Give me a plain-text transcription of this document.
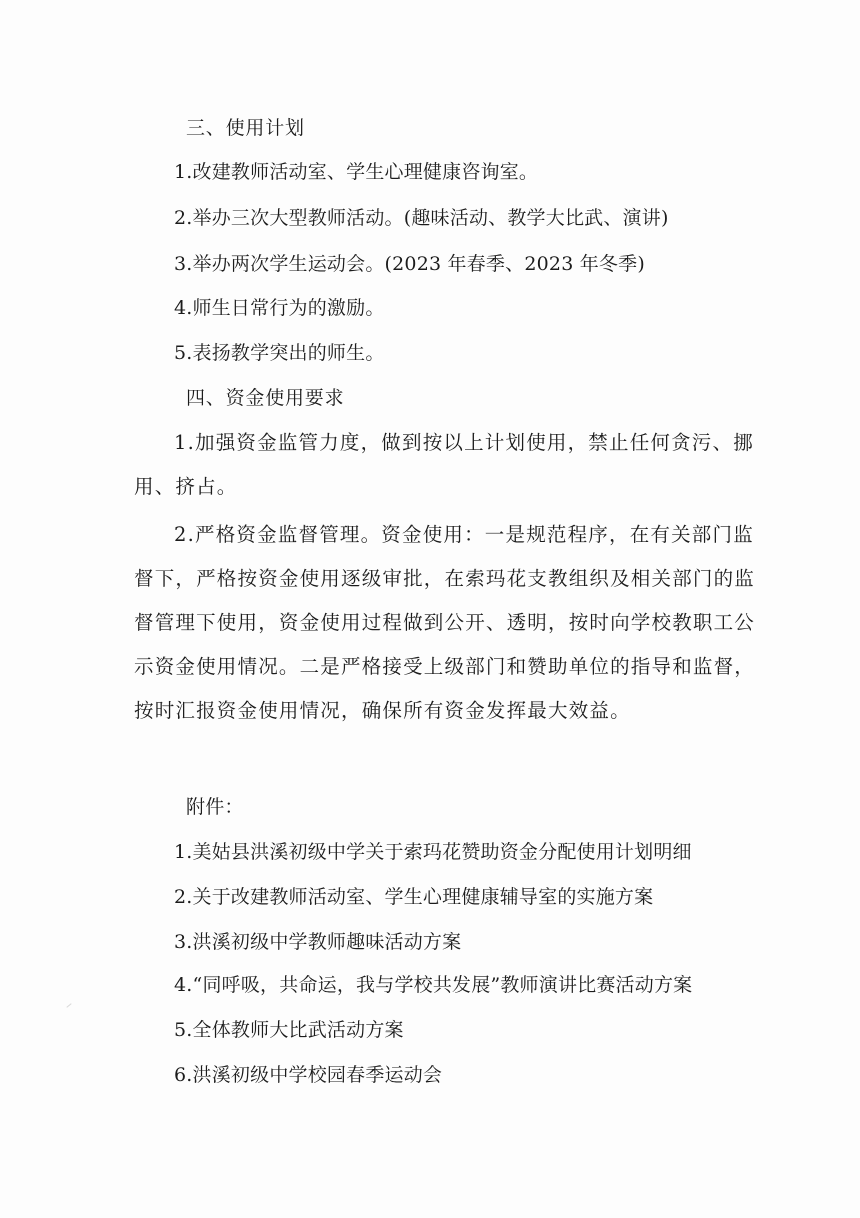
三、使用计划
1.改建教师活动室、学生心理健康咨询室。
2.举办三次大型教师活动。(趣味活动、教学大比武、演讲)
3.举办两次学生运动会。(2023 年春季、2023 年冬季)
4.师生日常行为的激励。
5.表扬教学突出的师生。
四、资金使用要求
1.加强资金监管力度，做到按以上计划使用，禁止任何贪污、挪
用、挤占。
2.严格资金监督管理。资金使用：一是规范程序，在有关部门监
督下，严格按资金使用逐级审批，在索玛花支教组织及相关部门的监
督管理下使用，资金使用过程做到公开、透明，按时向学校教职工公
示资金使用情况。二是严格接受上级部门和赞助单位的指导和监督，
按时汇报资金使用情况，确保所有资金发挥最大效益。
附件：
1.美姑县洪溪初级中学关于索玛花赞助资金分配使用计划明细
2.关于改建教师活动室、学生心理健康辅导室的实施方案
3.洪溪初级中学教师趣味活动方案
4.“同呼吸，共命运，我与学校共发展”教师演讲比赛活动方案
5.全体教师大比武活动方案
6.洪溪初级中学校园春季运动会
